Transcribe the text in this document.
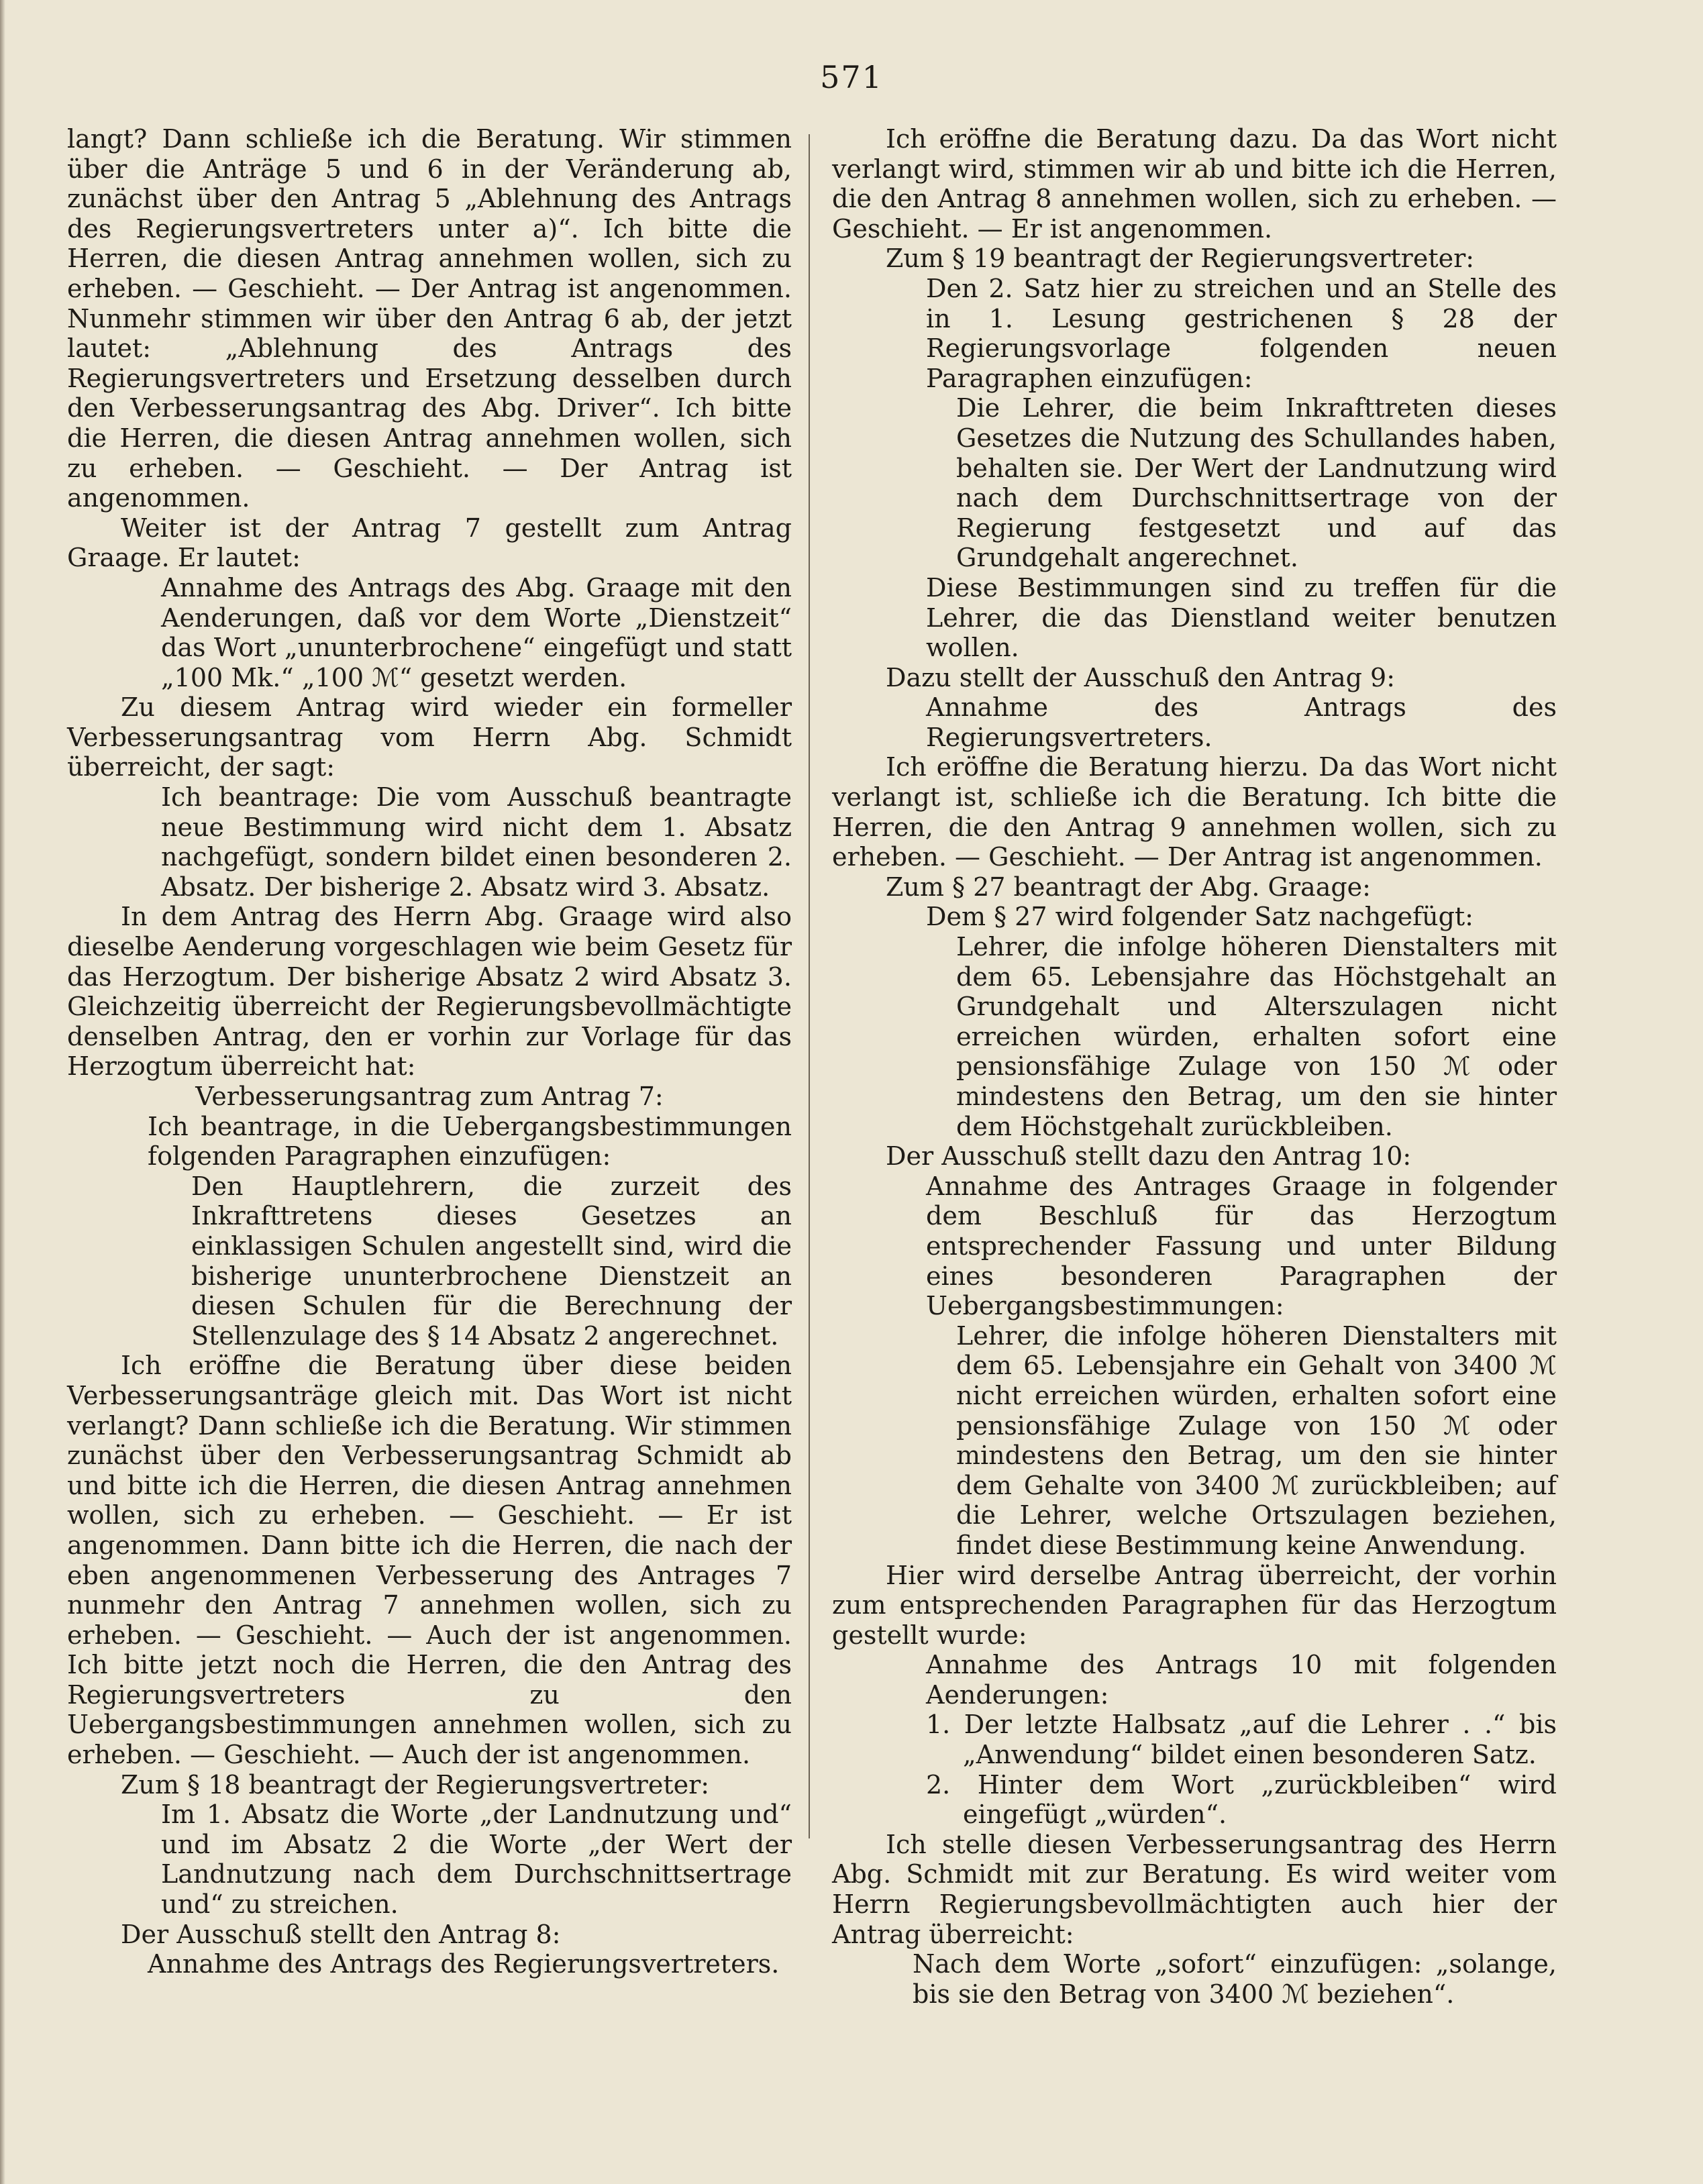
571

langt? Dann schließe ich die Beratung. Wir stimmen über die Anträge 5 und 6 in der Veränderung ab, zunächst über den Antrag 5 „Ablehnung des Antrags des Regierungsvertreters unter a)“. Ich bitte die Herren, die diesen Antrag annehmen wollen, sich zu erheben. — Geschieht. — Der Antrag ist angenommen. Nunmehr stimmen wir über den Antrag 6 ab, der jetzt lautet: „Ablehnung des Antrags des Regierungsvertreters und Ersetzung desselben durch den Verbesserungsantrag des Abg. Driver“. Ich bitte die Herren, die diesen Antrag annehmen wollen, sich zu erheben. — Geschieht. — Der Antrag ist angenommen.

Weiter ist der Antrag 7 gestellt zum Antrag Graage. Er lautet:

Annahme des Antrags des Abg. Graage mit den Aenderungen, daß vor dem Worte „Dienstzeit“ das Wort „ununterbrochene“ eingefügt und statt „100 Mk.“ „100 ℳ“ gesetzt werden.

Zu diesem Antrag wird wieder ein formeller Verbesserungsantrag vom Herrn Abg. Schmidt überreicht, der sagt:

Ich beantrage: Die vom Ausschuß beantragte neue Bestimmung wird nicht dem 1. Absatz nachgefügt, sondern bildet einen besonderen 2. Absatz. Der bisherige 2. Absatz wird 3. Absatz.

In dem Antrag des Herrn Abg. Graage wird also dieselbe Aenderung vorgeschlagen wie beim Gesetz für das Herzogtum. Der bisherige Absatz 2 wird Absatz 3. Gleichzeitig überreicht der Regierungsbevollmächtigte denselben Antrag, den er vorhin zur Vorlage für das Herzogtum überreicht hat:

Verbesserungsantrag zum Antrag 7:

Ich beantrage, in die Uebergangsbestimmungen folgenden Paragraphen einzufügen:

Den Hauptlehrern, die zurzeit des Inkrafttretens dieses Gesetzes an einklassigen Schulen angestellt sind, wird die bisherige ununterbrochene Dienstzeit an diesen Schulen für die Berechnung der Stellenzulage des § 14 Absatz 2 angerechnet.

Ich eröffne die Beratung über diese beiden Verbesserungsanträge gleich mit. Das Wort ist nicht verlangt? Dann schließe ich die Beratung. Wir stimmen zunächst über den Verbesserungsantrag Schmidt ab und bitte ich die Herren, die diesen Antrag annehmen wollen, sich zu erheben. — Geschieht. — Er ist angenommen. Dann bitte ich die Herren, die nach der eben angenommenen Verbesserung des Antrages 7 nunmehr den Antrag 7 annehmen wollen, sich zu erheben. — Geschieht. — Auch der ist angenommen. Ich bitte jetzt noch die Herren, die den Antrag des Regierungsvertreters zu den Uebergangsbestimmungen annehmen wollen, sich zu erheben. — Geschieht. — Auch der ist angenommen.

Zum § 18 beantragt der Regierungsvertreter:

Im 1. Absatz die Worte „der Landnutzung und“ und im Absatz 2 die Worte „der Wert der Landnutzung nach dem Durchschnittsertrage und“ zu streichen.

Der Ausschuß stellt den Antrag 8:

Annahme des Antrags des Regierungsvertreters.

Ich eröffne die Beratung dazu. Da das Wort nicht verlangt wird, stimmen wir ab und bitte ich die Herren, die den Antrag 8 annehmen wollen, sich zu erheben. — Geschieht. — Er ist angenommen.

Zum § 19 beantragt der Regierungsvertreter:

Den 2. Satz hier zu streichen und an Stelle des in 1. Lesung gestrichenen § 28 der Regierungsvorlage folgenden neuen Paragraphen einzufügen:

Die Lehrer, die beim Inkrafttreten dieses Gesetzes die Nutzung des Schullandes haben, behalten sie. Der Wert der Landnutzung wird nach dem Durchschnittsertrage von der Regierung festgesetzt und auf das Grundgehalt angerechnet.

Diese Bestimmungen sind zu treffen für die Lehrer, die das Dienstland weiter benutzen wollen.

Dazu stellt der Ausschuß den Antrag 9:

Annahme des Antrags des Regierungsvertreters.

Ich eröffne die Beratung hierzu. Da das Wort nicht verlangt ist, schließe ich die Beratung. Ich bitte die Herren, die den Antrag 9 annehmen wollen, sich zu erheben. — Geschieht. — Der Antrag ist angenommen.

Zum § 27 beantragt der Abg. Graage:

Dem § 27 wird folgender Satz nachgefügt:

Lehrer, die infolge höheren Dienstalters mit dem 65. Lebensjahre das Höchstgehalt an Grundgehalt und Alterszulagen nicht erreichen würden, erhalten sofort eine pensionsfähige Zulage von 150 ℳ oder mindestens den Betrag, um den sie hinter dem Höchstgehalt zurückbleiben.

Der Ausschuß stellt dazu den Antrag 10:

Annahme des Antrages Graage in folgender dem Beschluß für das Herzogtum entsprechender Fassung und unter Bildung eines besonderen Paragraphen der Uebergangsbestimmungen:

Lehrer, die infolge höheren Dienstalters mit dem 65. Lebensjahre ein Gehalt von 3400 ℳ nicht erreichen würden, erhalten sofort eine pensionsfähige Zulage von 150 ℳ oder mindestens den Betrag, um den sie hinter dem Gehalte von 3400 ℳ zurückbleiben; auf die Lehrer, welche Ortszulagen beziehen, findet diese Bestimmung keine Anwendung.

Hier wird derselbe Antrag überreicht, der vorhin zum entsprechenden Paragraphen für das Herzogtum gestellt wurde:

Annahme des Antrags 10 mit folgenden Aenderungen:

1. Der letzte Halbsatz „auf die Lehrer . .“ bis „Anwendung“ bildet einen besonderen Satz.

2. Hinter dem Wort „zurückbleiben“ wird eingefügt „würden“.

Ich stelle diesen Verbesserungsantrag des Herrn Abg. Schmidt mit zur Beratung. Es wird weiter vom Herrn Regierungsbevollmächtigten auch hier der Antrag überreicht:

Nach dem Worte „sofort“ einzufügen: „solange, bis sie den Betrag von 3400 ℳ beziehen“.
